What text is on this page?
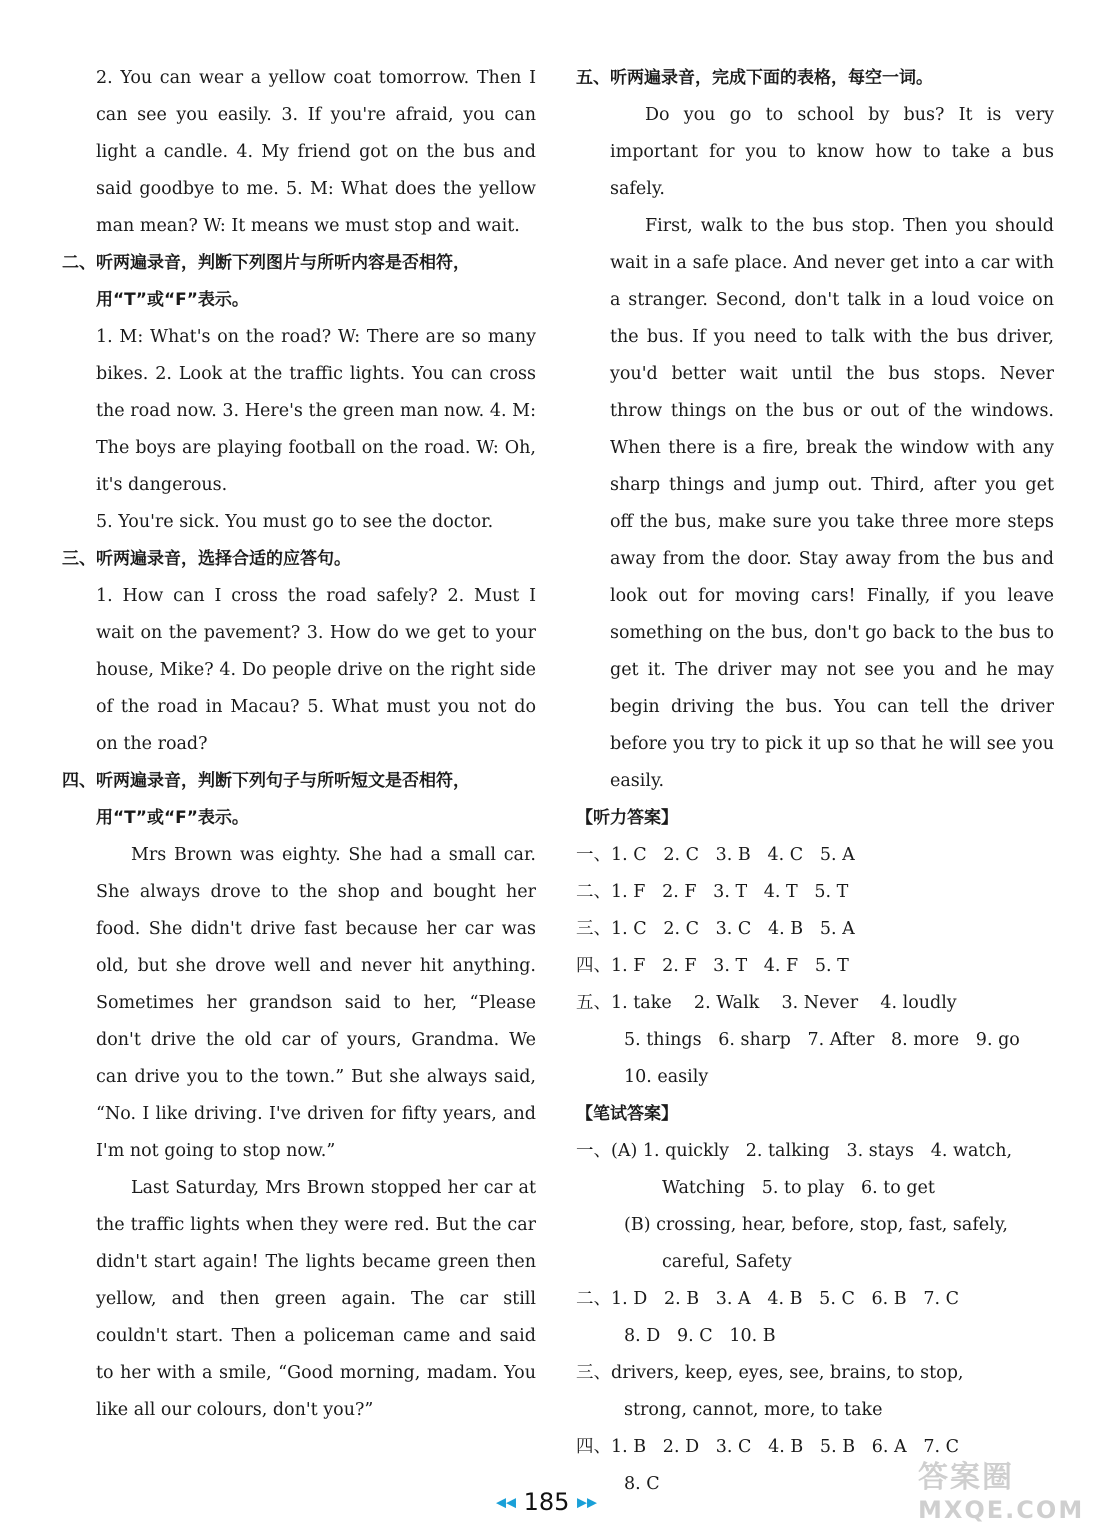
2. You can wear a yellow coat tomorrow. Then I can see you easily. 3. If you're afraid, you can light a candle. 4. My friend got on the bus and said goodbye to me. 5. M: What does the yellow man mean? W: It means we must stop and wait.

二、听两遍录音，判断下列图片与所听内容是否相符，用“T”或“F”表示。

1. M: What's on the road? W: There are so many bikes. 2. Look at the traffic lights. You can cross the road now. 3. Here's the green man now. 4. M: The boys are playing football on the road. W: Oh, it's dangerous.

5. You're sick. You must go to see the doctor.

三、听两遍录音，选择合适的应答句。

1. How can I cross the road safely? 2. Must I wait on the pavement? 3. How do we get to your house, Mike? 4. Do people drive on the right side of the road in Macau? 5. What must you not do on the road?

四、听两遍录音，判断下列句子与所听短文是否相符，用“T”或“F”表示。

Mrs Brown was eighty. She had a small car. She always drove to the shop and bought her food. She didn't drive fast because her car was old, but she drove well and never hit anything. Sometimes her grandson said to her, “Please don't drive the old car of yours, Grandma. We can drive you to the town.” But she always said, “No. I like driving. I've driven for fifty years, and I'm not going to stop now.”

Last Saturday, Mrs Brown stopped her car at the traffic lights when they were red. But the car didn't start again! The lights became green then yellow, and then green again. The car still couldn't start. Then a policeman came and said to her with a smile, “Good morning, madam. You like all our colours, don't you?”

五、听两遍录音，完成下面的表格，每空一词。

Do you go to school by bus? It is very important for you to know how to take a bus safely.

First, walk to the bus stop. Then you should wait in a safe place. And never get into a car with a stranger. Second, don't talk in a loud voice on the bus. If you need to talk with the bus driver, you'd better wait until the bus stops. Never throw things on the bus or out of the windows. When there is a fire, break the window with any sharp things and jump out. Third, after you get off the bus, make sure you take three more steps away from the door. Stay away from the bus and look out for moving cars! Finally, if you leave something on the bus, don't go back to the bus to get it. The driver may not see you and he may begin driving the bus. You can tell the driver before you try to pick it up so that he will see you easily.

【听力答案】

一、1. C   2. C   3. B   4. C   5. A

二、1. F   2. F   3. T   4. T   5. T

三、1. C   2. C   3. C   4. B   5. A

四、1. F   2. F   3. T   4. F   5. T

五、1. take    2. Walk    3. Never    4. loudly

5. things   6. sharp   7. After   8. more   9. go

10. easily

【笔试答案】

一、(A) 1. quickly   2. talking   3. stays   4. watch,

Watching   5. to play   6. to get

(B) crossing, hear, before, stop, fast, safely,

careful, Safety

二、1. D   2. B   3. A   4. B   5. C   6. B   7. C

8. D   9. C   10. B

三、drivers, keep, eyes, see, brains, to stop,

strong, cannot, more, to take

四、1. B   2. D   3. C   4. B   5. B   6. A   7. C

8. C

◀◀ 185 ▶▶
答案圈
MXQE.COM
